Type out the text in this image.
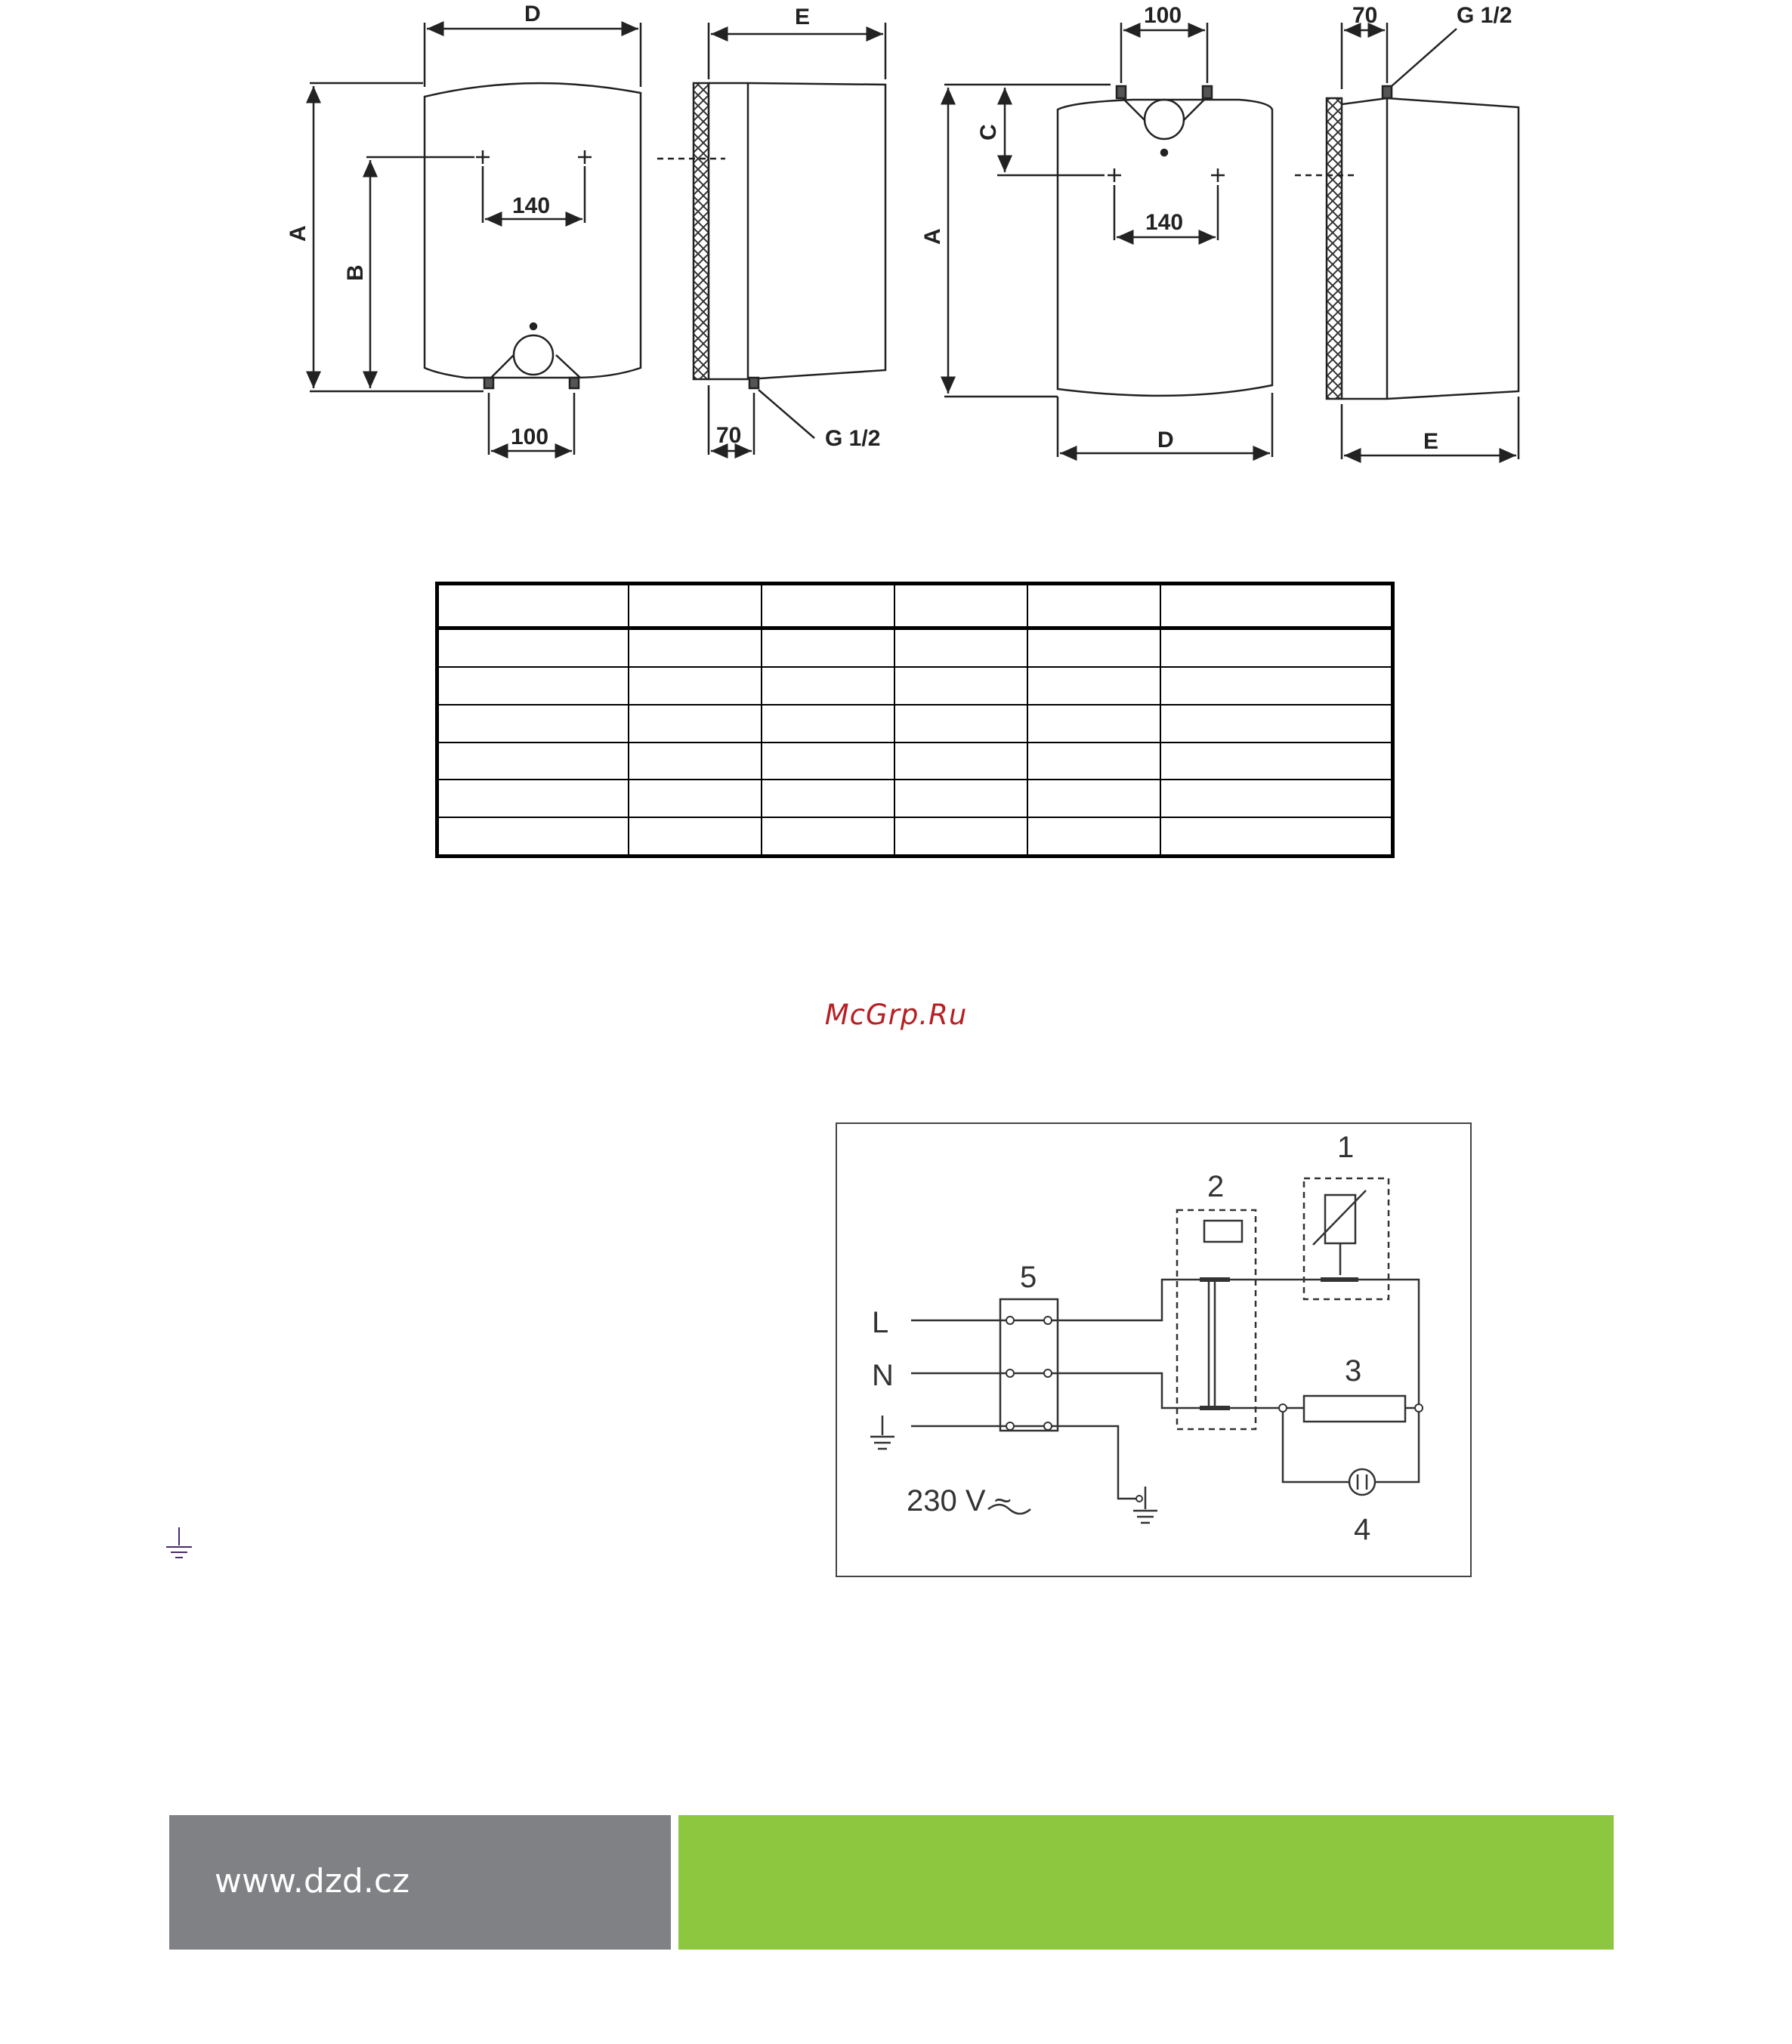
D	E
A
B
140
100	70	G 1/2
100	70	G 1/2
C
A
140
D	E

McGrp.Ru
1
2
3
4
5
L
N
230 V ~
www.dzd.cz
